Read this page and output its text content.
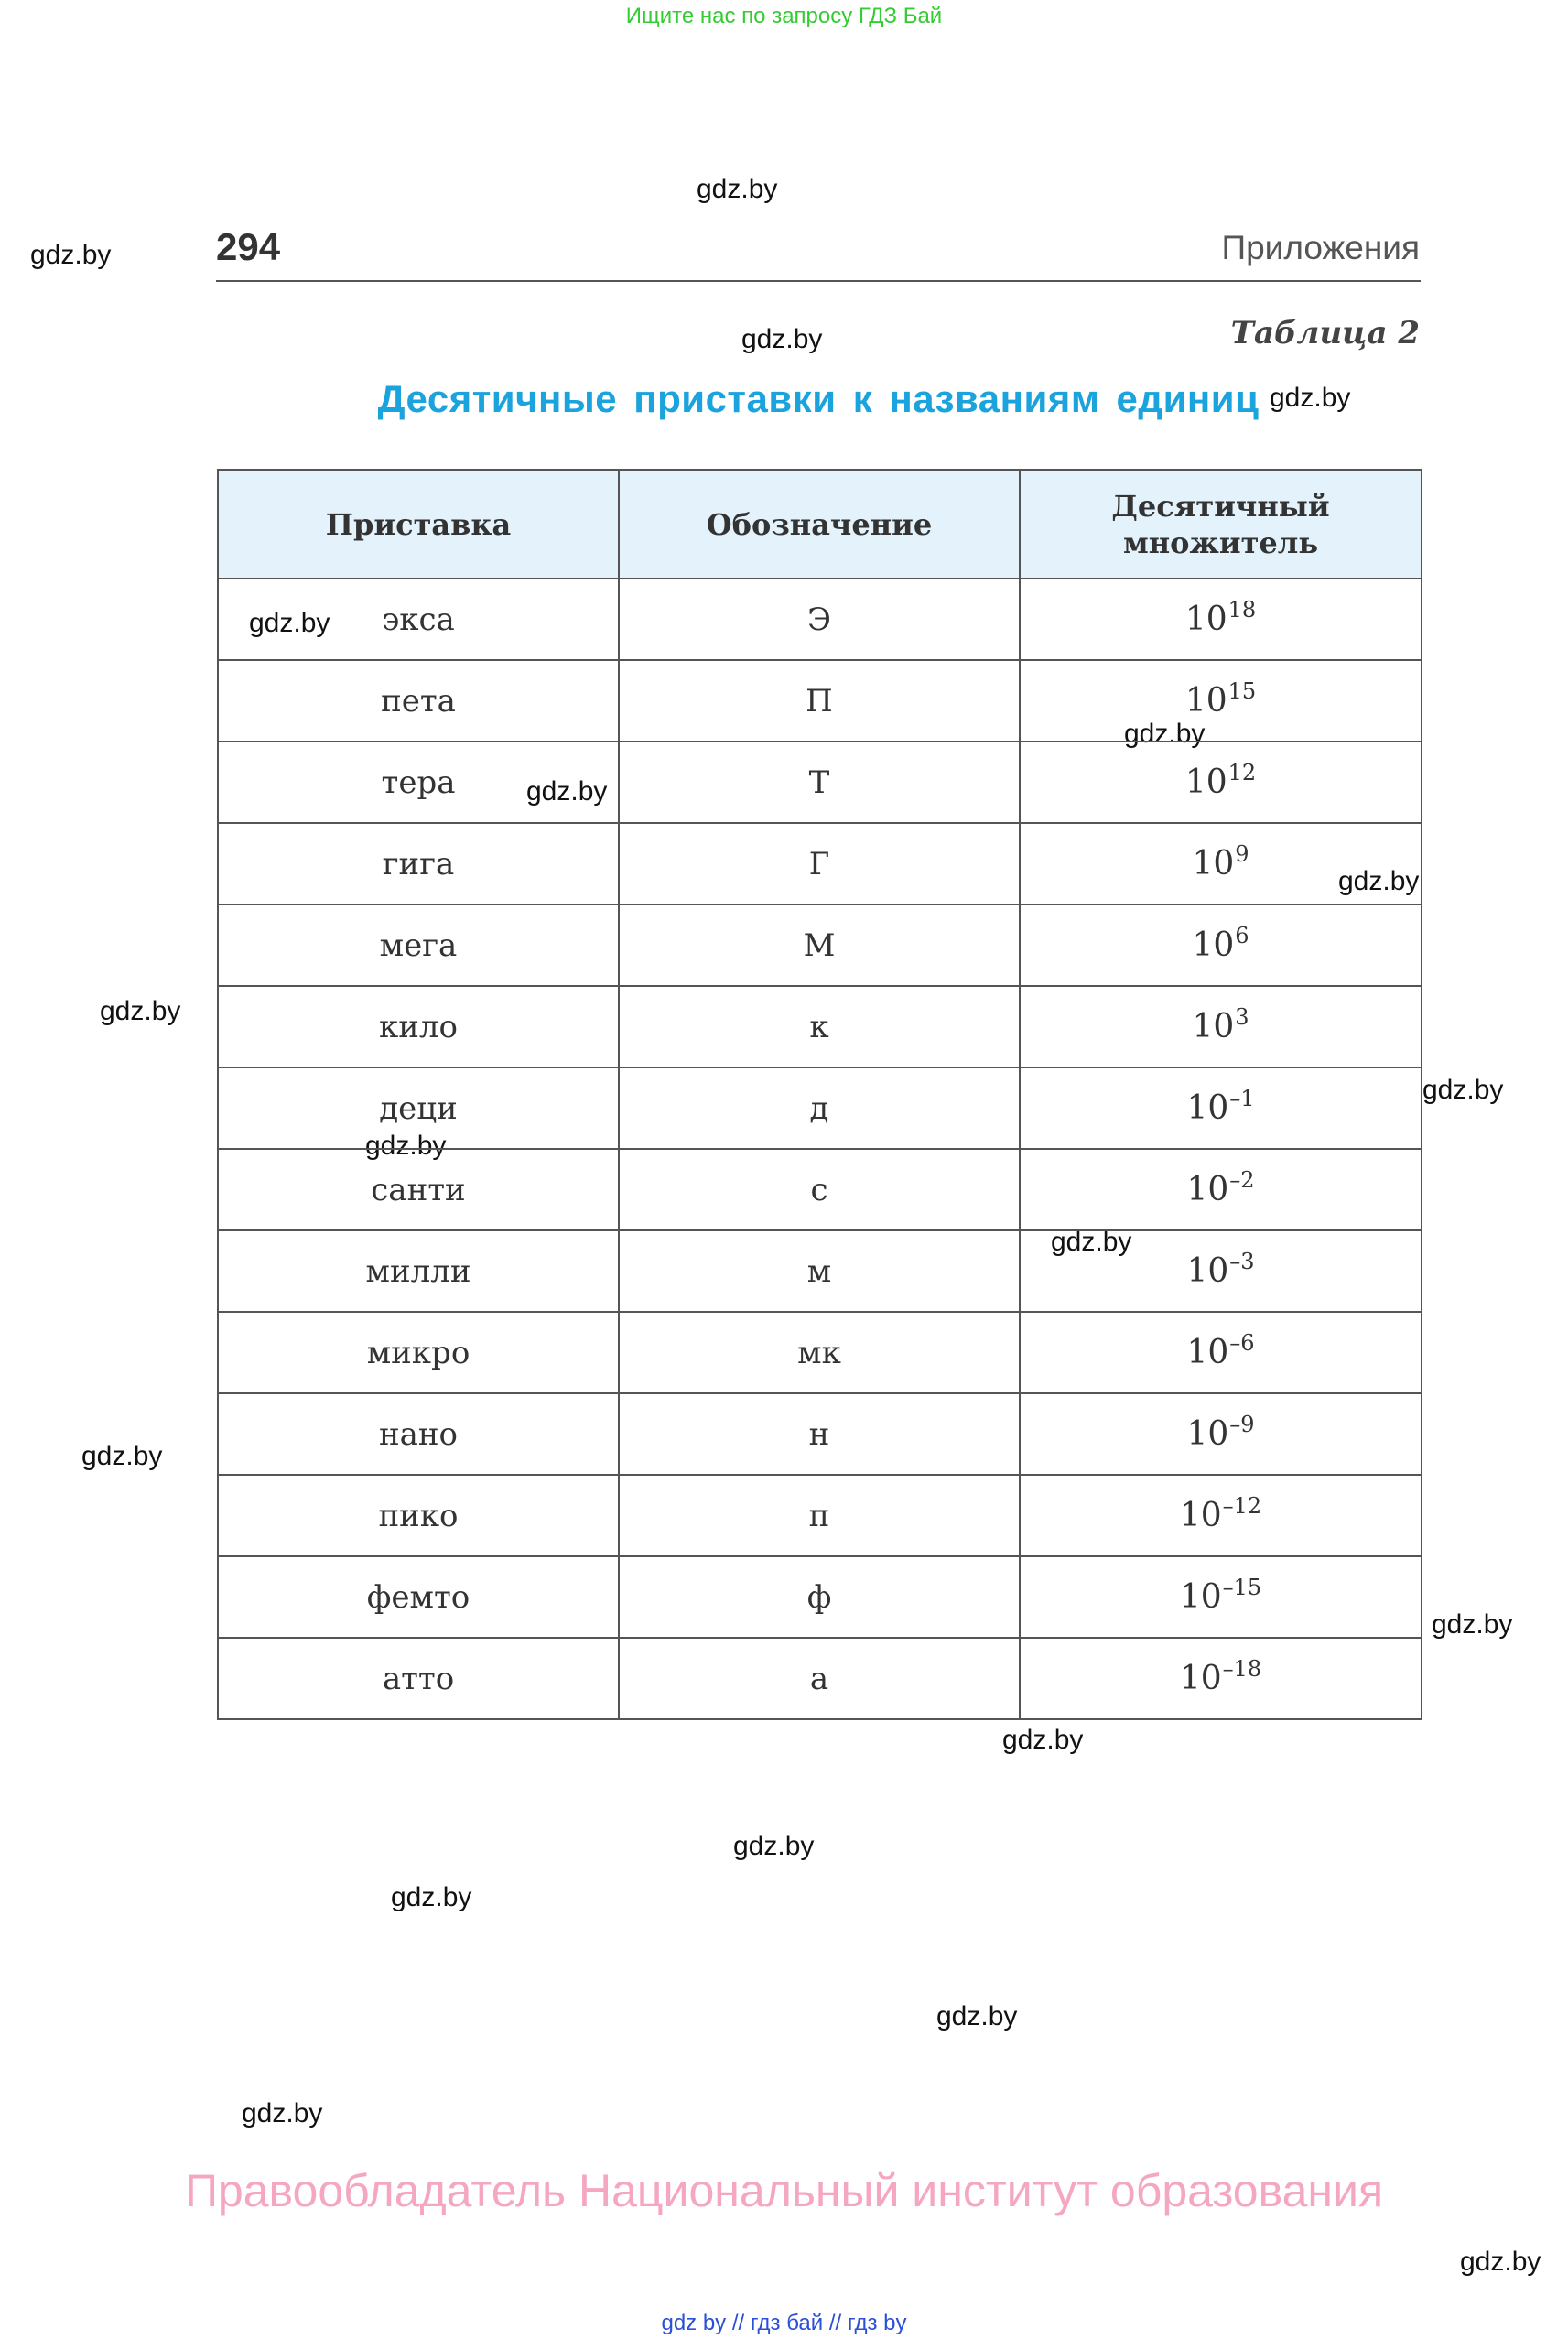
Ищите нас по запросу ГДЗ Бай
gdz.by
gdz.by
gdz.by
gdz.by
gdz.by
gdz.by
gdz.by
gdz.by
gdz.by
gdz.by
gdz.by
gdz.by
gdz.by
gdz.by
gdz.by
gdz.by
gdz.by
gdz.by
gdz.by
gdz.by
294	Приложения
Таблица 2
Десятичные приставки к названиям единиц
Приставка	Обозначение	Десятичный множитель
экса	Э	$10^{18}$
пета	П	$10^{15}$
тера	Т	$10^{12}$
гига	Г	$10^9$
мега	М	$10^6$
кило	к	$10^3$
деци	д	$10^{-1}$
санти	с	$10^{-2}$
милли	м	$10^{-3}$
микро	мк	$10^{-6}$
нано	н	$10^{-9}$
пико	п	$10^{-12}$
фемто	ф	$10^{-15}$
атто	а	$10^{-18}$
Правообладатель Национальный институт образования
gdz by // гдз бай // гдз by
